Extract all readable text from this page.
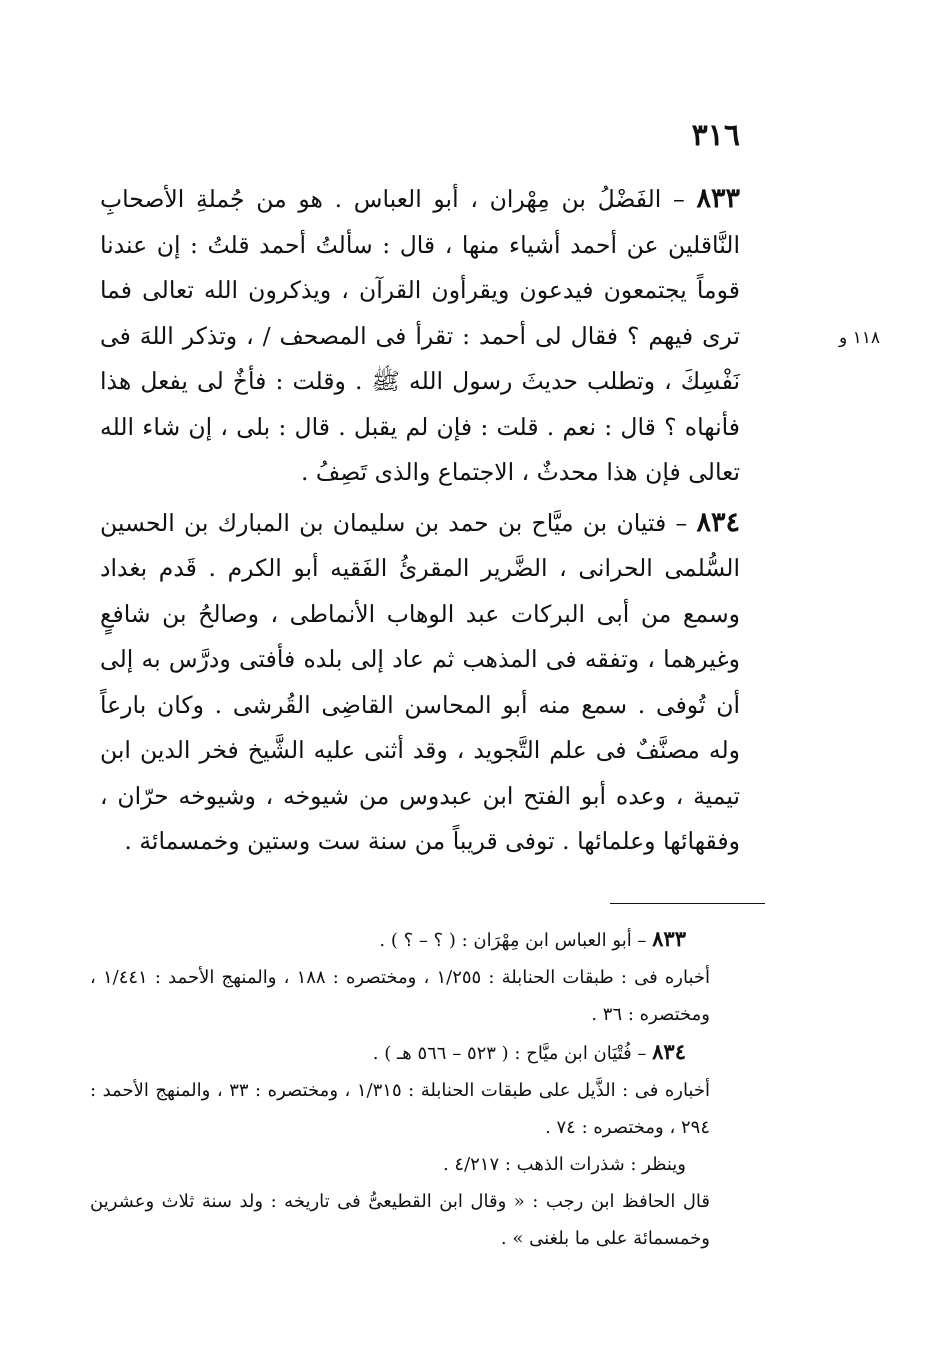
٣١٦
١١٨ و

٨٣٣ – الفَضْلُ بن مِهْران ، أبو العباس . هو من جُملةِ الأصحابِ النَّاقلين عن أحمد أشياء منها ، قال : سألتُ أحمد قلتُ : إن عندنا قوماً يجتمعون فيدعون ويقرأون القرآن ، ويذكرون الله تعالى فما ترى فيهم ؟ فقال لى أحمد : تقرأ فى المصحف / ، وتذكر اللهَ فى نَفْسِكَ ، وتطلب حديثَ رسول الله ﷺ . وقلت : فأخٌ لى يفعل هذا فأنهاه ؟ قال : نعم . قلت : فإن لم يقبل . قال : بلى ، إن شاء الله تعالى فإن هذا محدثٌ ، الاجتماع والذى تَصِفُ .

٨٣٤ – فتيان بن ميَّاح بن حمد بن سليمان بن المبارك بن الحسين السُّلمى الحرانى ، الضَّرير المقرئُ الفَقيه أبو الكرم . قَدم بغداد وسمع من أبى البركات عبد الوهاب الأنماطى ، وصالحُ بن شافعٍ وغيرهما ، وتفقه فى المذهب ثم عاد إلى بلده فأفتى ودرَّس به إلى أن تُوفى . سمع منه أبو المحاسن القاضِى القُرشى . وكان بارعاً وله مصنَّفٌ فى علم التَّجويد ، وقد أثنى عليه الشَّيخ فخر الدين ابن تيمية ، وعده أبو الفتح ابن عبدوس من شيوخه ، وشيوخه حرّان ، وفقهائها وعلمائها . توفى قريباً من سنة ست وستين وخمسمائة .

٨٣٣ – أبو العباس ابن مِهْرَان : ( ؟ – ؟ ) .

أخباره فى : طبقات الحنابلة : ١/٢٥٥ ، ومختصره : ١٨٨ ، والمنهج الأحمد : ١/٤٤١ ، ومختصره : ٣٦ .

٨٣٤ – فُتْيَان ابن ميَّاح : ( ٥٢٣ – ٥٦٦ هـ ) .

أخباره فى : الذَّيل على طبقات الحنابلة : ١/٣١٥ ، ومختصره : ٣٣ ، والمنهج الأحمد : ٢٩٤ ، ومختصره : ٧٤ .

وينظر : شذرات الذهب : ٤/٢١٧ .

قال الحافظ ابن رجب : « وقال ابن القطيعىُّ فى تاريخه : ولد سنة ثلاث وعشرين وخمسمائة على ما بلغنى » .
